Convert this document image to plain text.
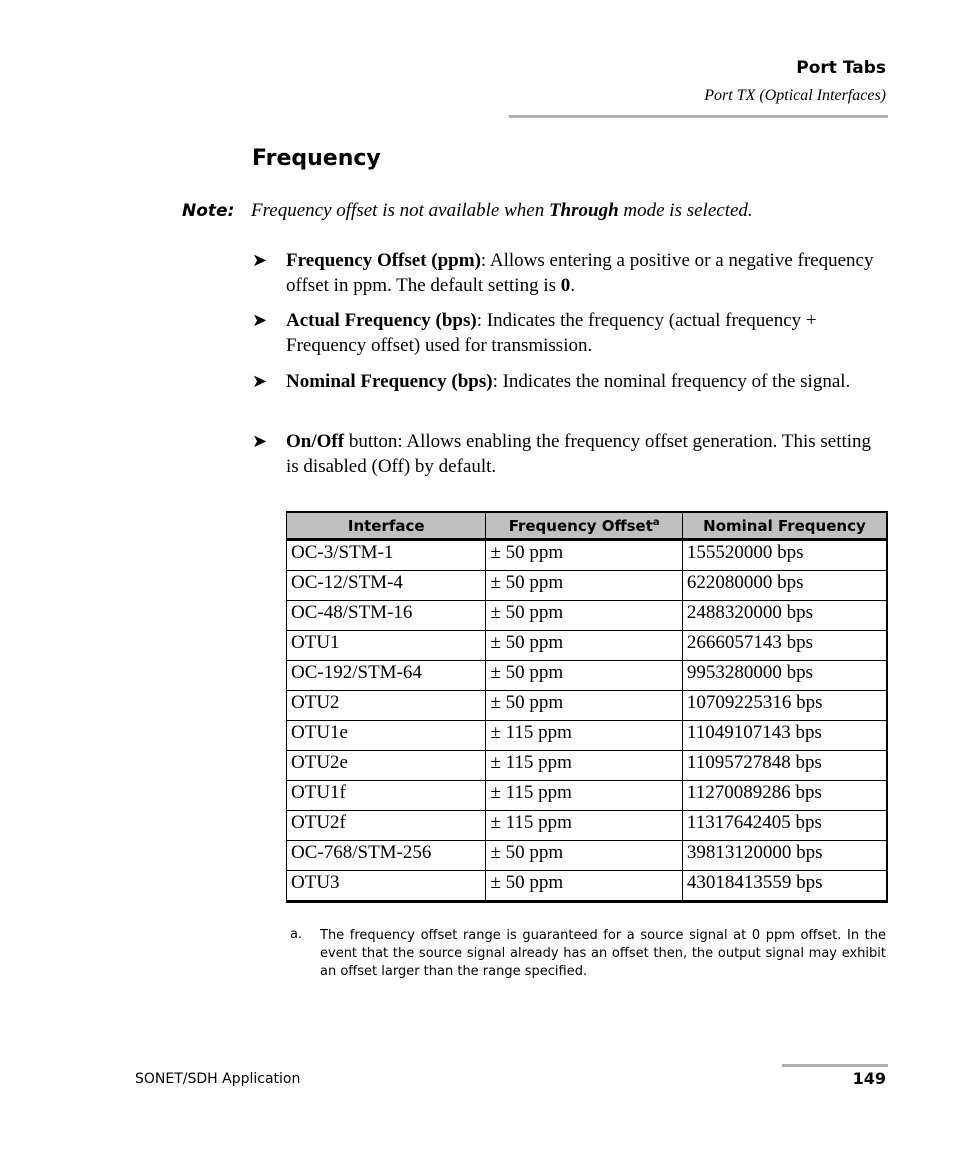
Port Tabs
Port TX (Optical Interfaces)
Frequency
Note: Frequency offset is not available when Through mode is selected.
➤ Frequency Offset (ppm): Allows entering a positive or a negative frequency offset in ppm. The default setting is 0.
➤ Actual Frequency (bps): Indicates the frequency (actual frequency + Frequency offset) used for transmission.
➤ Nominal Frequency (bps): Indicates the nominal frequency of the signal.
➤ On/Off button: Allows enabling the frequency offset generation. This setting is disabled (Off) by default.
Interface	Frequency Offset$^a$	Nominal Frequency
OC-3/STM-1	± 50 ppm	155520000 bps
OC-12/STM-4	± 50 ppm	622080000 bps
OC-48/STM-16	± 50 ppm	2488320000 bps
OTU1	± 50 ppm	2666057143 bps
OC-192/STM-64	± 50 ppm	9953280000 bps
OTU2	± 50 ppm	10709225316 bps
OTU1e	± 115 ppm	11049107143 bps
OTU2e	± 115 ppm	11095727848 bps
OTU1f	± 115 ppm	11270089286 bps
OTU2f	± 115 ppm	11317642405 bps
OC-768/STM-256	± 50 ppm	39813120000 bps
OTU3	± 50 ppm	43018413559 bps
a. The frequency offset range is guaranteed for a source signal at 0 ppm offset. In the event that the source signal already has an offset then, the output signal may exhibit an offset larger than the range specified.
SONET/SDH Application	149
